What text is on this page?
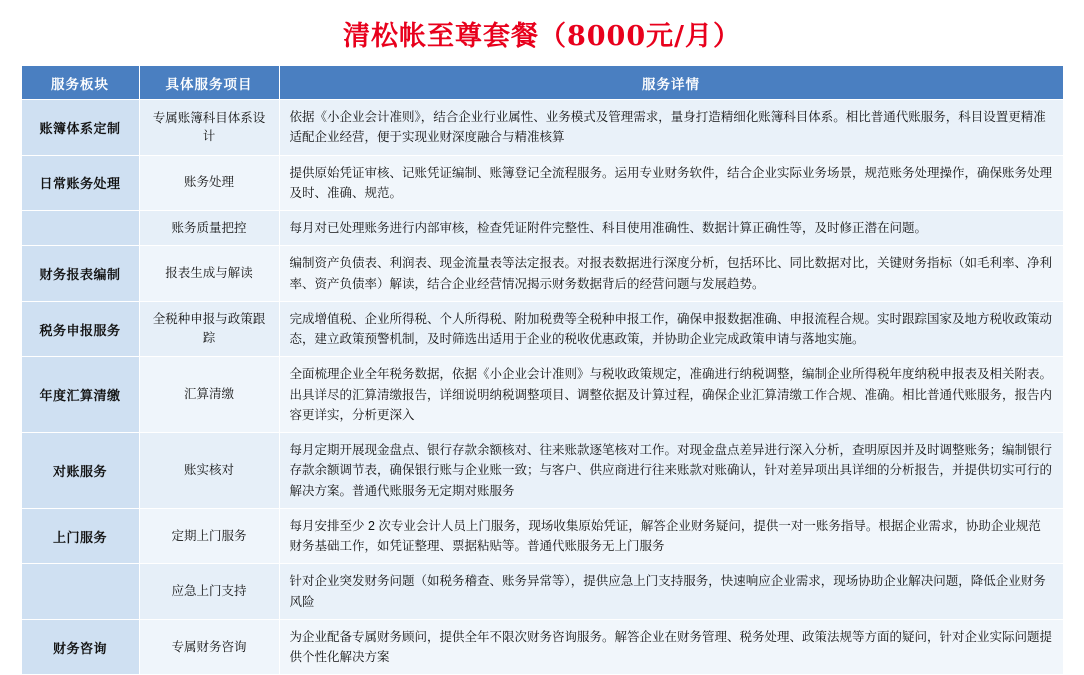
清松帐至尊套餐（8000元/月）
服务板块	具体服务项目	服务详情
账簿体系定制	专属账簿科目体系设计	依据《小企业会计准则》，结合企业行业属性、业务模式及管理需求，量身打造精细化账簿科目体系。相比普通代账服务，科目设置更精准适配企业经营，便于实现业财深度融合与精准核算
日常账务处理	账务处理	提供原始凭证审核、记账凭证编制、账簿登记全流程服务。运用专业财务软件，结合企业实际业务场景，规范账务处理操作，确保账务处理及时、准确、规范。
	账务质量把控	每月对已处理账务进行内部审核，检查凭证附件完整性、科目使用准确性、数据计算正确性等，及时修正潜在问题。
财务报表编制	报表生成与解读	编制资产负债表、利润表、现金流量表等法定报表。对报表数据进行深度分析，包括环比、同比数据对比，关键财务指标（如毛利率、净利率、资产负债率）解读，结合企业经营情况揭示财务数据背后的经营问题与发展趋势。
税务申报服务	全税种申报与政策跟踪	完成增值税、企业所得税、个人所得税、附加税费等全税种申报工作，确保申报数据准确、申报流程合规。实时跟踪国家及地方税收政策动态，建立政策预警机制，及时筛选出适用于企业的税收优惠政策，并协助企业完成政策申请与落地实施。
年度汇算清缴	汇算清缴	全面梳理企业全年税务数据，依据《小企业会计准则》与税收政策规定，准确进行纳税调整，编制企业所得税年度纳税申报表及相关附表。出具详尽的汇算清缴报告，详细说明纳税调整项目、调整依据及计算过程，确保企业汇算清缴工作合规、准确。相比普通代账服务，报告内容更详实，分析更深入
对账服务	账实核对	每月定期开展现金盘点、银行存款余额核对、往来账款逐笔核对工作。对现金盘点差异进行深入分析，查明原因并及时调整账务；编制银行存款余额调节表，确保银行账与企业账一致；与客户、供应商进行往来账款对账确认，针对差异项出具详细的分析报告，并提供切实可行的解决方案。普通代账服务无定期对账服务
上门服务	定期上门服务	每月安排至少 2 次专业会计人员上门服务，现场收集原始凭证，解答企业财务疑问，提供一对一账务指导。根据企业需求，协助企业规范财务基础工作，如凭证整理、票据粘贴等。普通代账服务无上门服务
	应急上门支持	针对企业突发财务问题（如税务稽查、账务异常等），提供应急上门支持服务，快速响应企业需求，现场协助企业解决问题，降低企业财务风险
财务咨询	专属财务咨询	为企业配备专属财务顾问，提供全年不限次财务咨询服务。解答企业在财务管理、税务处理、政策法规等方面的疑问，针对企业实际问题提供个性化解决方案
